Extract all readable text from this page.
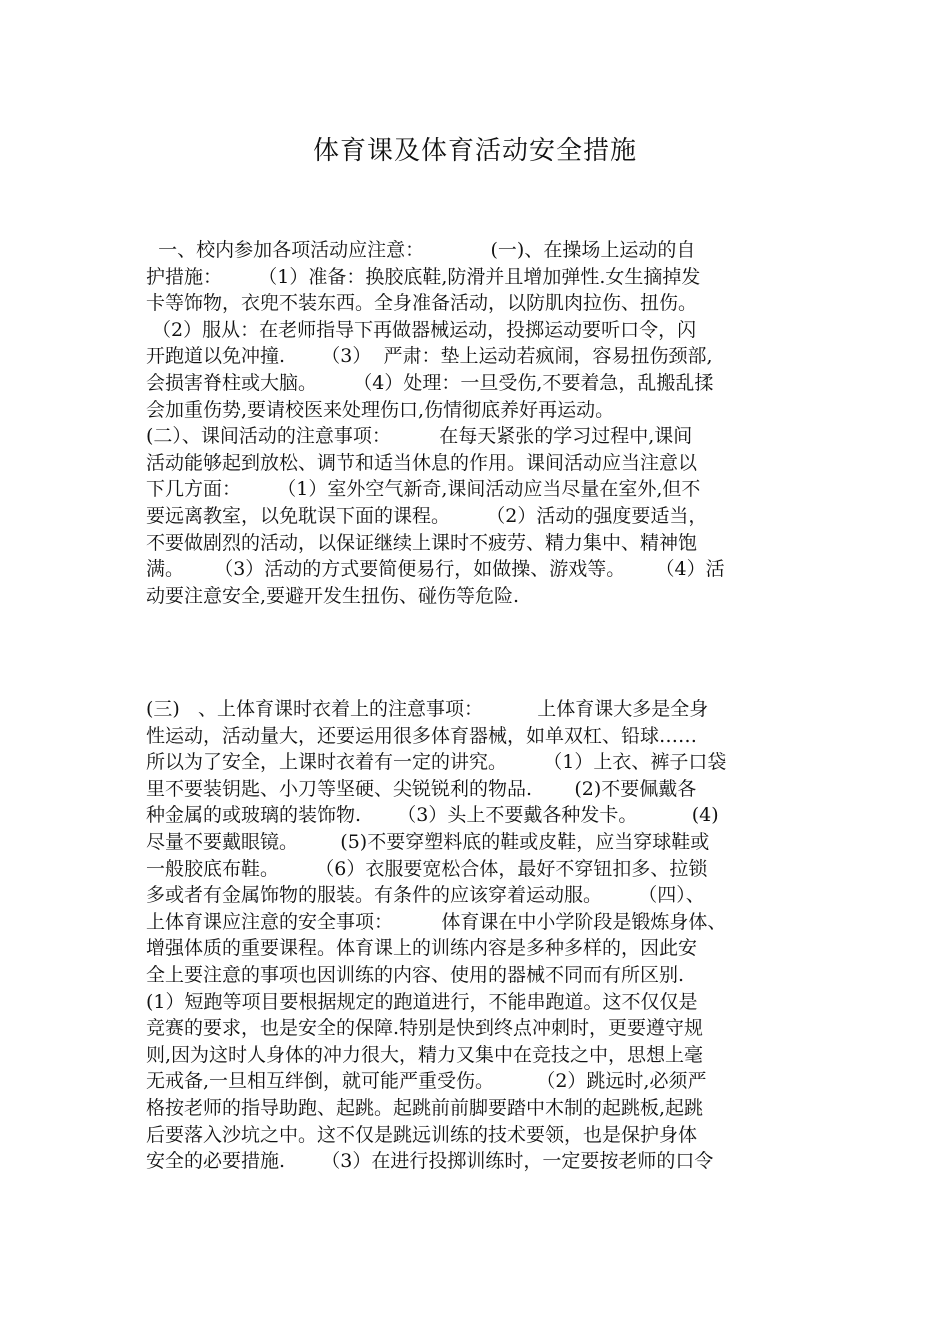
体育课及体育活动安全措施

一、校内参加各项活动应注意：           (一)、在操场上运动的自

护措施：      （1）准备：换胶底鞋,防滑并且增加弹性.女生摘掉发

卡等饰物，衣兜不装东西。全身准备活动，以防肌肉拉伤、扭伤。

（2）服从：在老师指导下再做器械运动，投掷运动要听口令，闪

开跑道以免冲撞.      （3）  严肃：垫上运动若疯闹，容易扭伤颈部,

会损害脊柱或大脑。      （4）处理：一旦受伤,不要着急，乱搬乱揉

会加重伤势,要请校医来处理伤口,伤情彻底养好再运动。

(二）、课间活动的注意事项：        在每天紧张的学习过程中,课间

活动能够起到放松、调节和适当休息的作用。课间活动应当注意以

下几方面：      （1）室外空气新奇,课间活动应当尽量在室外,但不

要远离教室，以免耽误下面的课程。      （2）活动的强度要适当，

不要做剧烈的活动，以保证继续上课时不疲劳、精力集中、精神饱

满。     （3）活动的方式要简便易行，如做操、游戏等。     （4）活

动要注意安全,要避开发生扭伤、碰伤等危险.

(三)   、上体育课时衣着上的注意事项：         上体育课大多是全身

性运动，活动量大，还要运用很多体育器械，如单双杠、铅球……

所以为了安全，上课时衣着有一定的讲究。      （1）上衣、裤子口袋

里不要装钥匙、小刀等坚硬、尖锐锐利的物品.       (2)不要佩戴各

种金属的或玻璃的装饰物.      （3）头上不要戴各种发卡。         (4)

尽量不要戴眼镜。       (5)不要穿塑料底的鞋或皮鞋，应当穿球鞋或

一般胶底布鞋。      （6）衣服要宽松合体，最好不穿钮扣多、拉锁

多或者有金属饰物的服装。有条件的应该穿着运动服。      （四）、

上体育课应注意的安全事项：        体育课在中小学阶段是锻炼身体、

增强体质的重要课程。体育课上的训练内容是多种多样的，因此安

全上要注意的事项也因训练的内容、使用的器械不同而有所区别.

(1）短跑等项目要根据规定的跑道进行，不能串跑道。这不仅仅是

竞赛的要求，也是安全的保障.特别是快到终点冲刺时，更要遵守规

则,因为这时人身体的冲力很大，精力又集中在竞技之中，思想上毫

无戒备,一旦相互绊倒，就可能严重受伤。       （2）跳远时,必须严

格按老师的指导助跑、起跳。起跳前前脚要踏中木制的起跳板,起跳

后要落入沙坑之中。这不仅是跳远训练的技术要领，也是保护身体

安全的必要措施.      （3）在进行投掷训练时，一定要按老师的口令
